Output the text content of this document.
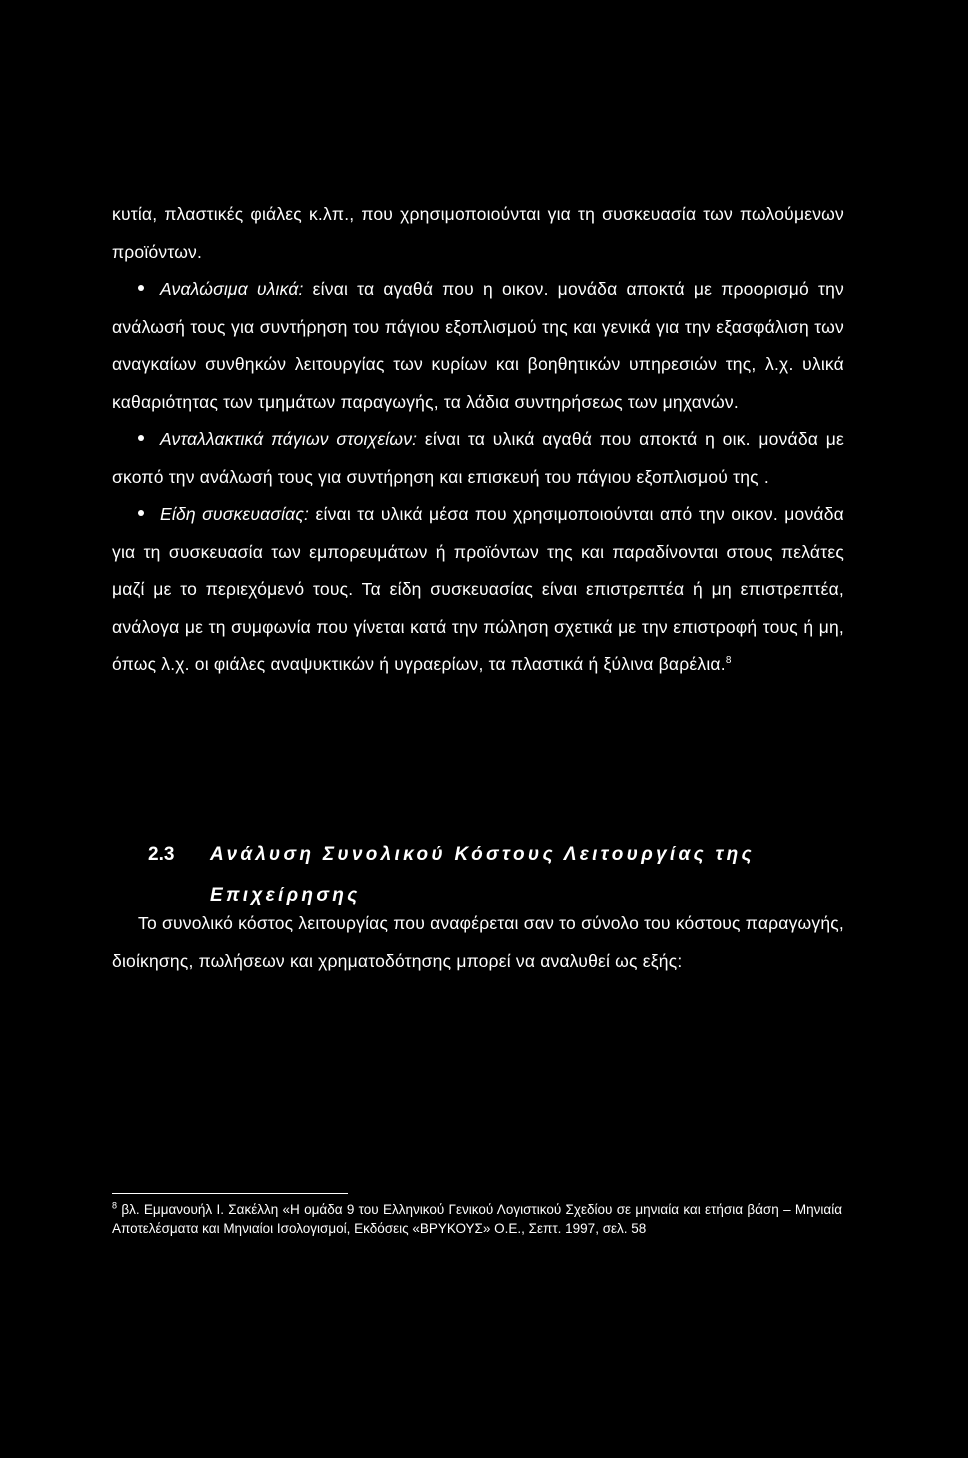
κυτία, πλαστικές φιάλες κ.λπ., που χρησιμοποιούνται για τη συσκευασία των πωλούμενων προϊόντων.

Αναλώσιμα υλικά: είναι τα αγαθά που η οικον. μονάδα αποκτά με προορισμό την ανάλωσή τους για συντήρηση του πάγιου εξοπλισμού της και γενικά για την εξασφάλιση των αναγκαίων συνθηκών λειτουργίας των κυρίων και βοηθητικών υπηρεσιών της, λ.χ. υλικά καθαριότητας των τμημάτων παραγωγής, τα λάδια συντηρήσεως των μηχανών.

Ανταλλακτικά πάγιων στοιχείων: είναι τα υλικά αγαθά που αποκτά η οικ. μονάδα με σκοπό την ανάλωσή τους για συντήρηση και επισκευή του πάγιου εξοπλισμού της .

Είδη συσκευασίας: είναι τα υλικά μέσα που χρησιμοποιούνται από την οικον. μονάδα για τη συσκευασία των εμπορευμάτων ή προϊόντων της και παραδίνονται στους πελάτες μαζί με το περιεχόμενό τους. Τα είδη συσκευασίας είναι επιστρεπτέα ή μη επιστρεπτέα, ανάλογα με τη συμφωνία που γίνεται κατά την πώληση σχετικά με την επιστροφή τους ή μη, όπως λ.χ. οι φιάλες αναψυκτικών ή υγραερίων, τα πλαστικά ή ξύλινα βαρέλια.$^8$

2.3 Ανάλυση Συνολικού Κόστους Λειτουργίας της Επιχείρησης

Το συνολικό κόστος λειτουργίας που αναφέρεται σαν το σύνολο του κόστους παραγωγής, διοίκησης, πωλήσεων και χρηματοδότησης μπορεί να αναλυθεί ως εξής:

$^8$ βλ. Εμμανουήλ Ι. Σακέλλη «Η ομάδα 9 του Ελληνικού Γενικού Λογιστικού Σχεδίου σε μηνιαία και ετήσια βάση – Μηνιαία Αποτελέσματα και Μηνιαίοι Ισολογισμοί, Εκδόσεις «ΒΡΥΚΟΥΣ» Ο.Ε., Σεπτ. 1997, σελ. 58
